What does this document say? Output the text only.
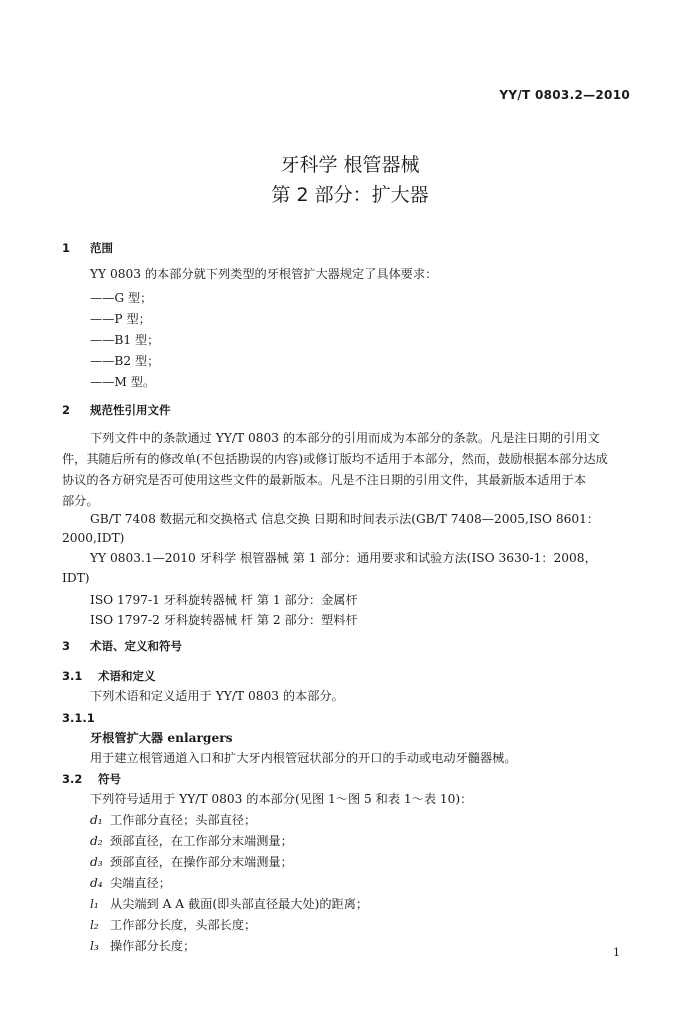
YY/T 0803.2—2010
牙科学 根管器械
第 2 部分：扩大器
1 范围
YY 0803 的本部分就下列类型的牙根管扩大器规定了具体要求：
——G 型；
——P 型；
——B1 型；
——B2 型；
——M 型。
2 规范性引用文件
下列文件中的条款通过 YY/T 0803 的本部分的引用而成为本部分的条款。凡是注日期的引用文
件，其随后所有的修改单(不包括勘误的内容)或修订版均不适用于本部分，然而，鼓励根据本部分达成
协议的各方研究是否可使用这些文件的最新版本。凡是不注日期的引用文件，其最新版本适用于本
部分。
GB/T 7408 数据元和交换格式 信息交换 日期和时间表示法(GB/T 7408—2005,ISO 8601：
2000,IDT)
YY 0803.1—2010 牙科学 根管器械 第 1 部分：通用要求和试验方法(ISO 3630-1：2008，
IDT)
ISO 1797-1 牙科旋转器械 杆 第 1 部分：金属杆
ISO 1797-2 牙科旋转器械 杆 第 2 部分：塑料杆
3 术语、定义和符号
3.1 术语和定义
下列术语和定义适用于 YY/T 0803 的本部分。
3.1.1
牙根管扩大器 enlargers
用于建立根管通道入口和扩大牙内根管冠状部分的开口的手动或电动牙髓器械。
3.2 符号
下列符号适用于 YY/T 0803 的本部分(见图 1～图 5 和表 1～表 10)：
d₁ 工作部分直径；头部直径；
d₂ 颈部直径，在工作部分末端测量；
d₃ 颈部直径，在操作部分末端测量；
d₄ 尖端直径；
l₁ 从尖端到 A A 截面(即头部直径最大处)的距离；
l₂ 工作部分长度，头部长度；
l₃ 操作部分长度；	1
